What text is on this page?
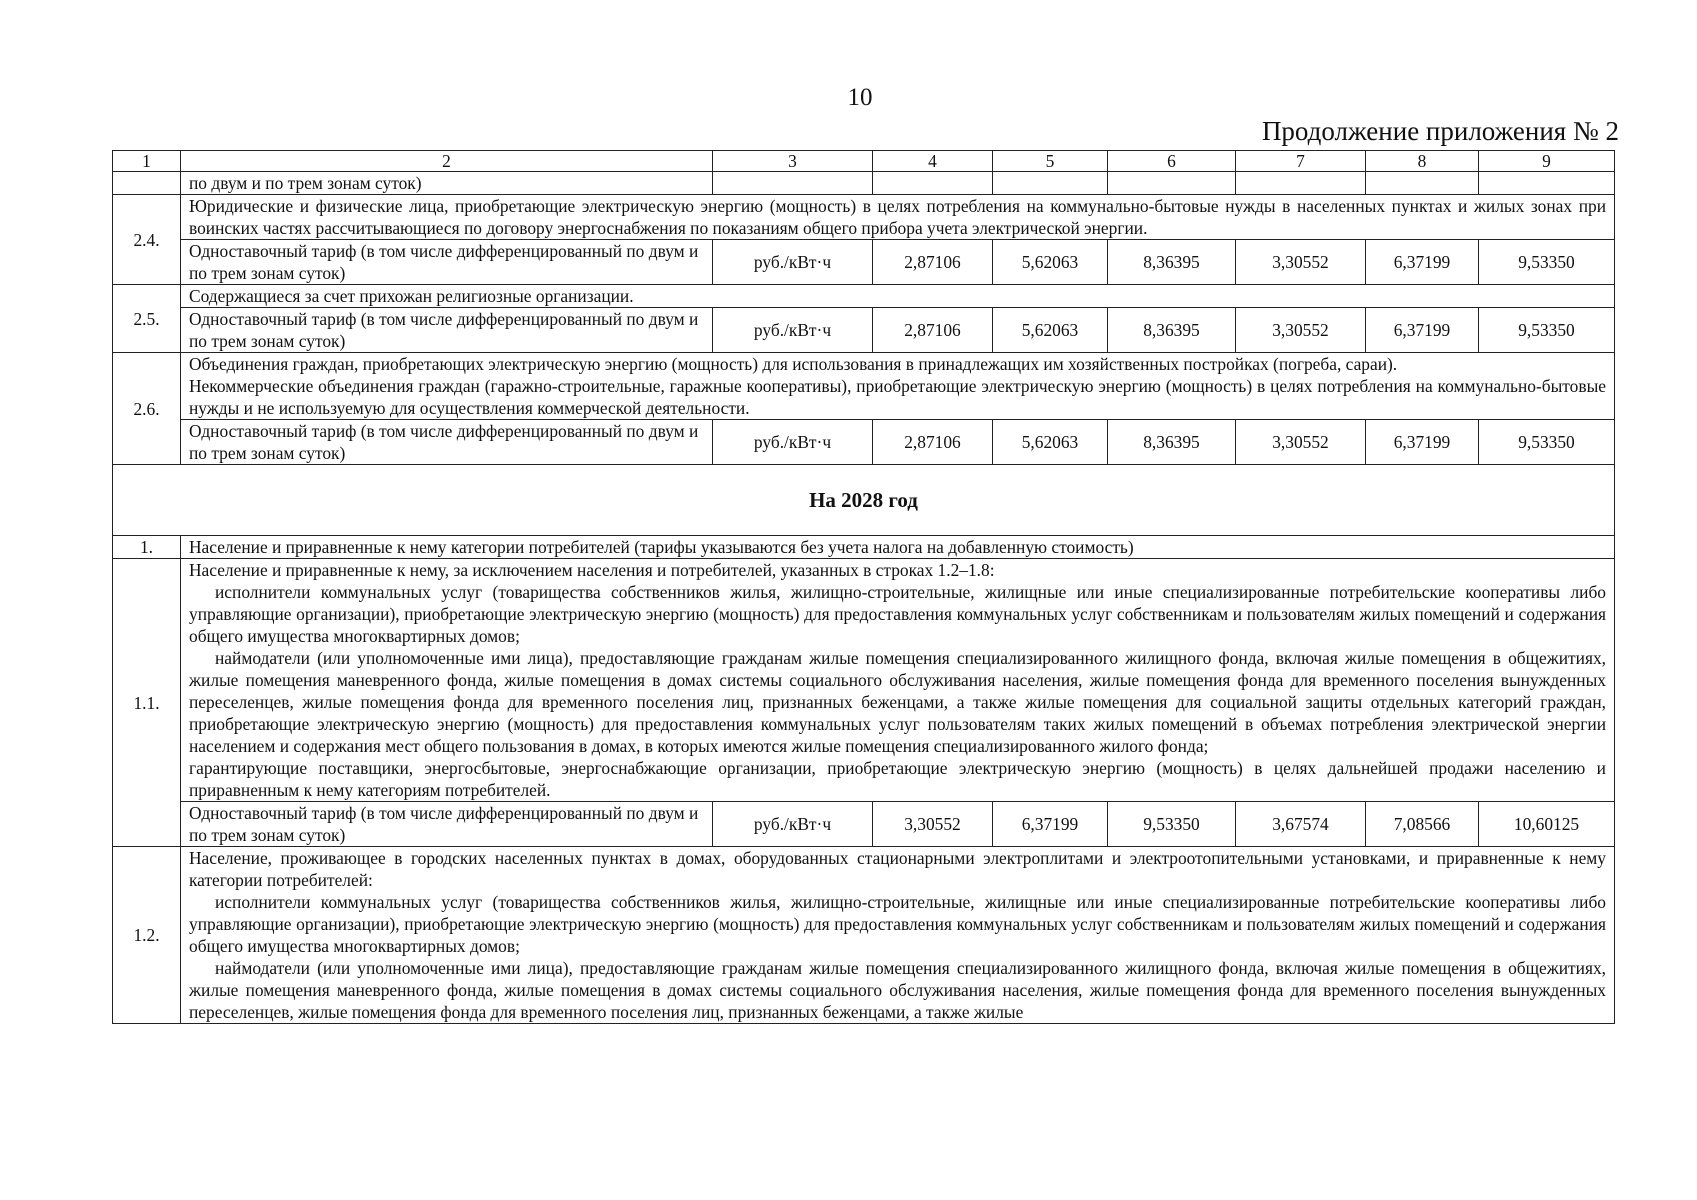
10
Продолжение приложения № 2
1	2	3	4	5	6	7	8	9
	по двум и по трем зонам суток)							
2.4.	Юридические и физические лица, приобретающие электрическую энергию (мощность) в целях потребления на коммунально-бытовые нужды в населенных пунктах и жилых зонах при воинских частях рассчитывающиеся по договору энергоснабжения по показаниям общего прибора учета электрической энергии.							
	Одноставочный тариф (в том числе дифференцированный по двум и по трем зонам суток)	руб./кВт·ч	2,87106	5,62063	8,36395	3,30552	6,37199	9,53350
2.5.	Содержащиеся за счет прихожан религиозные организации.							
	Одноставочный тариф (в том числе дифференцированный по двум и по трем зонам суток)	руб./кВт·ч	2,87106	5,62063	8,36395	3,30552	6,37199	9,53350
2.6.	Объединения граждан, приобретающих электрическую энергию (мощность) для использования в принадлежащих им хозяйственных постройках (погреба, сараи).
Некоммерческие объединения граждан (гаражно-строительные, гаражные кооперативы), приобретающие электрическую энергию (мощность) в целях потребления на коммунально-бытовые нужды и не используемую для осуществления коммерческой деятельности.							

	Одноставочный тариф (в том числе дифференцированный по двум и по трем зонам суток)	руб./кВт·ч	2,87106	5,62063	8,36395	3,30552	6,37199	9,53350
На 2028 год								
1.	Население и приравненные к нему категории потребителей (тарифы указываются без учета налога на добавленную стоимость)							
1.1.	Население и приравненные к нему, за исключением населения и потребителей, указанных в строках 1.2–1.8:
исполнители коммунальных услуг (товарищества собственников жилья, жилищно-строительные, жилищные или иные специализированные потребительские кооперативы либо управляющие организации), приобретающие электрическую энергию (мощность) для предоставления коммунальных услуг собственникам и пользователям жилых помещений и содержания общего имущества многоквартирных домов;
наймодатели (или уполномоченные ими лица), предоставляющие гражданам жилые помещения специализированного жилищного фонда, включая жилые помещения в общежитиях, жилые помещения маневренного фонда, жилые помещения в домах системы социального обслуживания населения, жилые помещения фонда для временного поселения вынужденных переселенцев, жилые помещения фонда для временного поселения лиц, признанных беженцами, а также жилые помещения для социальной защиты отдельных категорий граждан, приобретающие электрическую энергию (мощность) для предоставления коммунальных услуг пользователям таких жилых помещений в объемах потребления электрической энергии населением и содержания мест общего пользования в домах, в которых имеются жилые помещения специализированного жилого фонда;
гарантирующие поставщики, энергосбытовые, энергоснабжающие организации, приобретающие электрическую энергию (мощность) в целях дальнейшей продажи населению и приравненным к нему категориям потребителей.							

	Одноставочный тариф (в том числе дифференцированный по двум и по трем зонам суток)	руб./кВт·ч	3,30552	6,37199	9,53350	3,67574	7,08566	10,60125
1.2.	Население, проживающее в городских населенных пунктах в домах, оборудованных стационарными электроплитами и электроотопительными установками, и приравненные к нему категории потребителей:
исполнители коммунальных услуг (товарищества собственников жилья, жилищно-строительные, жилищные или иные специализированные потребительские кооперативы либо управляющие организации), приобретающие электрическую энергию (мощность) для предоставления коммунальных услуг собственникам и пользователям жилых помещений и содержания общего имущества многоквартирных домов;
наймодатели (или уполномоченные ими лица), предоставляющие гражданам жилые помещения специализированного жилищного фонда, включая жилые помещения в общежитиях, жилые помещения маневренного фонда, жилые помещения в домах системы социального обслуживания населения, жилые помещения фонда для временного поселения вынужденных переселенцев, жилые помещения фонда для временного поселения лиц, признанных беженцами, а также жилые							
